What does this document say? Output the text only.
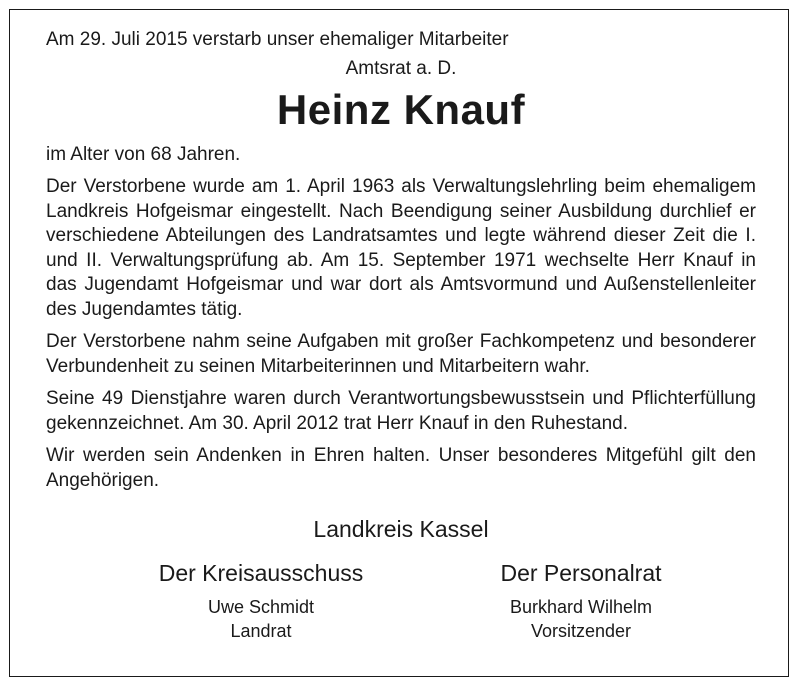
Am 29. Juli 2015 verstarb unser ehemaliger Mitarbeiter

Amtsrat a. D.

Heinz Knauf

im Alter von 68 Jahren.

Der Verstorbene wurde am 1. April 1963 als Verwaltungslehrling beim ehemaligem Landkreis Hofgeismar eingestellt. Nach Beendigung seiner Ausbildung durchlief er verschiedene Abteilungen des Landratsamtes und legte während dieser Zeit die I. und II. Verwaltungsprüfung ab. Am 15. September 1971 wechselte Herr Knauf in das Jugendamt Hofgeismar und war dort als Amtsvormund und Außenstellenleiter des Jugendamtes tätig.

Der Verstorbene nahm seine Aufgaben mit großer Fachkompetenz und besonderer Verbundenheit zu seinen Mitarbeiterinnen und Mitarbeitern wahr.

Seine 49 Dienstjahre waren durch Verantwortungsbewusstsein und Pflichterfüllung gekennzeichnet. Am 30. April 2012 trat Herr Knauf in den Ruhestand.

Wir werden sein Andenken in Ehren halten. Unser besonderes Mitgefühl gilt den Angehörigen.

Landkreis Kassel

Der Kreisausschuss

Uwe Schmidt

Landrat

Der Personalrat

Burkhard Wilhelm

Vorsitzender
